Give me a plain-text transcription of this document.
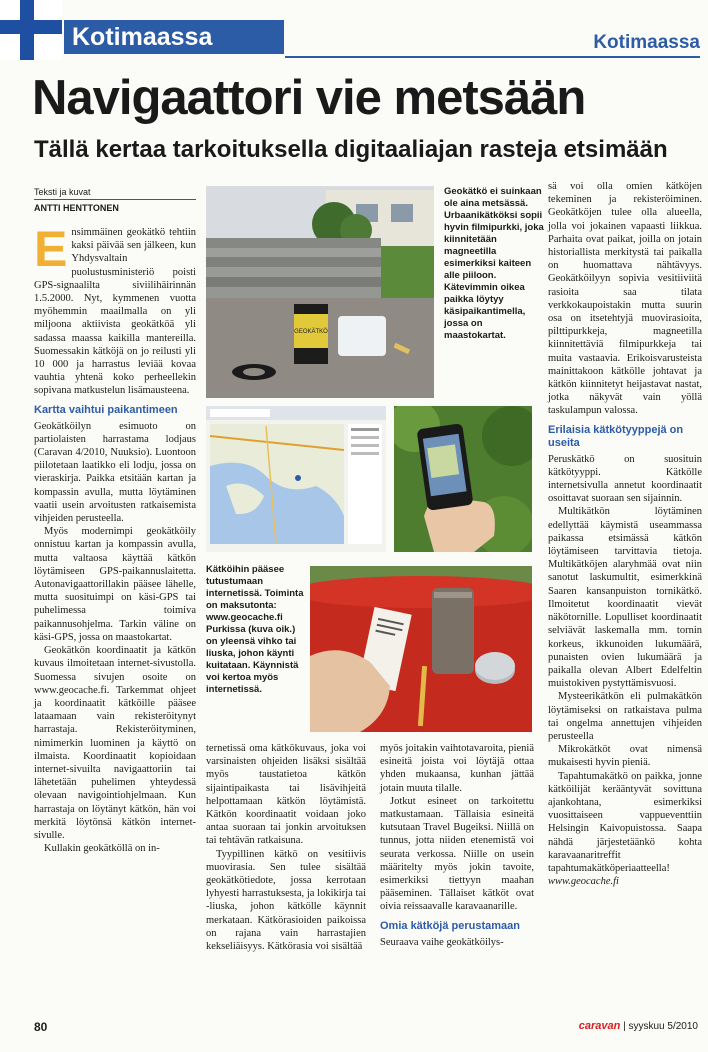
Kotimaassa	Kotimaassa
Navigaattori vie metsään
Tällä kertaa tarkoituksella digitaaliajan rasteja etsimään
Teksti ja kuvat
ANTTI HENTTONEN
GEOKÄTKÖ
Geokätkö ei suinkaan ole aina metsässä. Urbaanikätköksi sopii hyvin filmipurkki, joka kiinnitetään magneetilla esimerkiksi kaiteen alle piiloon. Kätevimmin oikea paikka löytyy käsipaikantimella, jossa on maastokartat.
Kätköihin pääsee tutustumaan internetissä. Toiminta on maksutonta: www.geocache.fi Purkissa (kuva oik.) on yleensä vihko tai liuska, johon käynti kuitataan. Käynnistä voi kertoa myös internetissä.

Ensimmäinen geokätkö tehtiin kaksi päivää sen jälkeen, kun Yhdysvaltain puolustusministeriö poisti GPS-signaalilta siviilihäirinnän 1.5.2000. Nyt, kymmenen vuotta myöhemmin maailmalla on yli miljoona aktiivista geokätköä yli sadassa maassa kaikilla mantereilla. Suomessakin kätköjä on jo reilusti yli 10 000 ja harrastus leviää kovaa vauhtia yhtenä koko perheellekin sopivana matkustelun lisämausteena.

Kartta vaihtui paikantimeen

Geokätköilyn esimuoto on partiolaisten harrastama lodjaus (Caravan 4/2010, Nuuksio). Luontoon piilotetaan laatikko eli lodju, jossa on vieraskirja. Paikka etsitään kartan ja kompassin avulla, mutta löytäminen vaatii usein arvoitusten ratkaisemista vihjeiden perusteella.

Myös modernimpi geokätköily onnistuu kartan ja kompassin avulla, mutta valtaosa käyttää kätkön löytämiseen GPS-paikannuslaitetta. Autonavigaattorillakin pääsee lähelle, mutta suosituimpi on käsi-GPS tai puhelimessa toimiva paikannusohjelma. Tarkin väline on käsi-GPS, jossa on maastokartat.

Geokätkön koordinaatit ja kätkön kuvaus ilmoitetaan internet-sivustolla. Suomessa sivujen osoite on www.geocache.fi. Tarkemmat ohjeet ja koordinaatit kätköille pääsee lataamaan vain rekisteröitynyt harrastaja. Rekisteröityminen, nimimerkin luominen ja käyttö on ilmaista. Koordinaatit kopioidaan internet-sivuilta navigaattoriin tai lähetetään puhelimen yhteydessä olevaan navigointiohjelmaan. Kun harrastaja on löytänyt kätkön, hän voi merkitä löytönsä kätkön internet-sivulle.

Kullakin geokätköllä on in-

ternetissä oma kätkökuvaus, joka voi varsinaisten ohjeiden lisäksi sisältää myös taustatietoa kätkön sijaintipaikasta tai lisävihjeitä helpottamaan kätkön löytämistä. Kätkön koordinaatit voidaan joko antaa suoraan tai jonkin arvoituksen tai tehtävän ratkaisuna.

Tyypillinen kätkö on vesitiivis muovirasia. Sen tulee sisältää geokätkötiedote, jossa kerrotaan lyhyesti harrastuksesta, ja lokikirja tai -liuska, johon kätkölle käynnit merkataan. Kätkörasioiden paikoissa on rajana vain harrastajien kekseliäisyys. Kätkörasia voi sisältää

myös joitakin vaihtotavaroita, pieniä esineitä joista voi löytäjä ottaa yhden mukaansa, kunhan jättää jotain muuta tilalle.

Jotkut esineet on tarkoitettu matkustamaan. Tällaisia esineitä kutsutaan Travel Bugeiksi. Niillä on tunnus, jotta niiden etenemistä voi seurata verkossa. Niille on usein määritelty myös jokin tavoite, esimerkiksi tiettyyn maahan pääseminen. Tällaiset kätköt ovat oivia reissaavalle karavaanarille.

Omia kätköjä perustamaan

Seuraava vaihe geokätköilys-

sä voi olla omien kätköjen tekeminen ja rekisteröiminen. Geokätköjen tulee olla alueella, jolla voi jokainen vapaasti liikkua. Parhaita ovat paikat, joilla on jotain historiallista merkitystä tai paikalla on huomattava nähtävyys. Geokätköilyyn sopivia vesitiiviitä rasioita saa tilata verkkokaupoistakin mutta suurin osa on itsetehtyjä muovirasioita, pilttipurkkeja, magneetilla kiinnitettäviä filmipurkkeja tai muita vastaavia. Erikoisvarusteista mainittakoon kätkölle johtavat ja kätkön kiinnitetyt heijastavat nastat, jotka näkyvät vain yöllä taskulampun valossa.

Erilaisia kätkötyyppejä on useita

Peruskätkö on suosituin kätkötyyppi. Kätkölle internetsivulla annetut koordinaatit osoittavat suoraan sen sijainnin.

Multikätkön löytäminen edellyttää käymistä useammassa paikassa etsimässä kätkön löytämiseen tarvittavia tietoja. Multikätköjen alaryhmää ovat niin sanotut laskumultit, esimerkkinä Saaren kansanpuiston tornikätkö. Ilmoitetut koordinaatit vievät näkötornille. Lopulliset koordinaatit selviävät laskemalla mm. tornin korkeus, ikkunoiden lukumäärä, punaisten ovien lukumäärä ja paikalla olevan Albert Edelfeltin muistokiven pystyttämisvuosi.

Mysteerikätkön eli pulmakätkön löytämiseksi on ratkaistava pulma tai ongelma annettujen vihjeiden perusteella

Mikrokätköt ovat nimensä mukaisesti hyvin pieniä.

Tapahtumakätkö on paikka, jonne kätköilijät kerääntyvät sovittuna ajankohtana, esimerkiksi vuosittaiseen vappueventtiin Helsingin Kaivopuistossa. Saapa nähdä järjestetäänkö kohta karavaanaritreffit tapahtumakätköperiaatteella!

www.geocache.fi

80	caravan | syyskuu 5/2010
